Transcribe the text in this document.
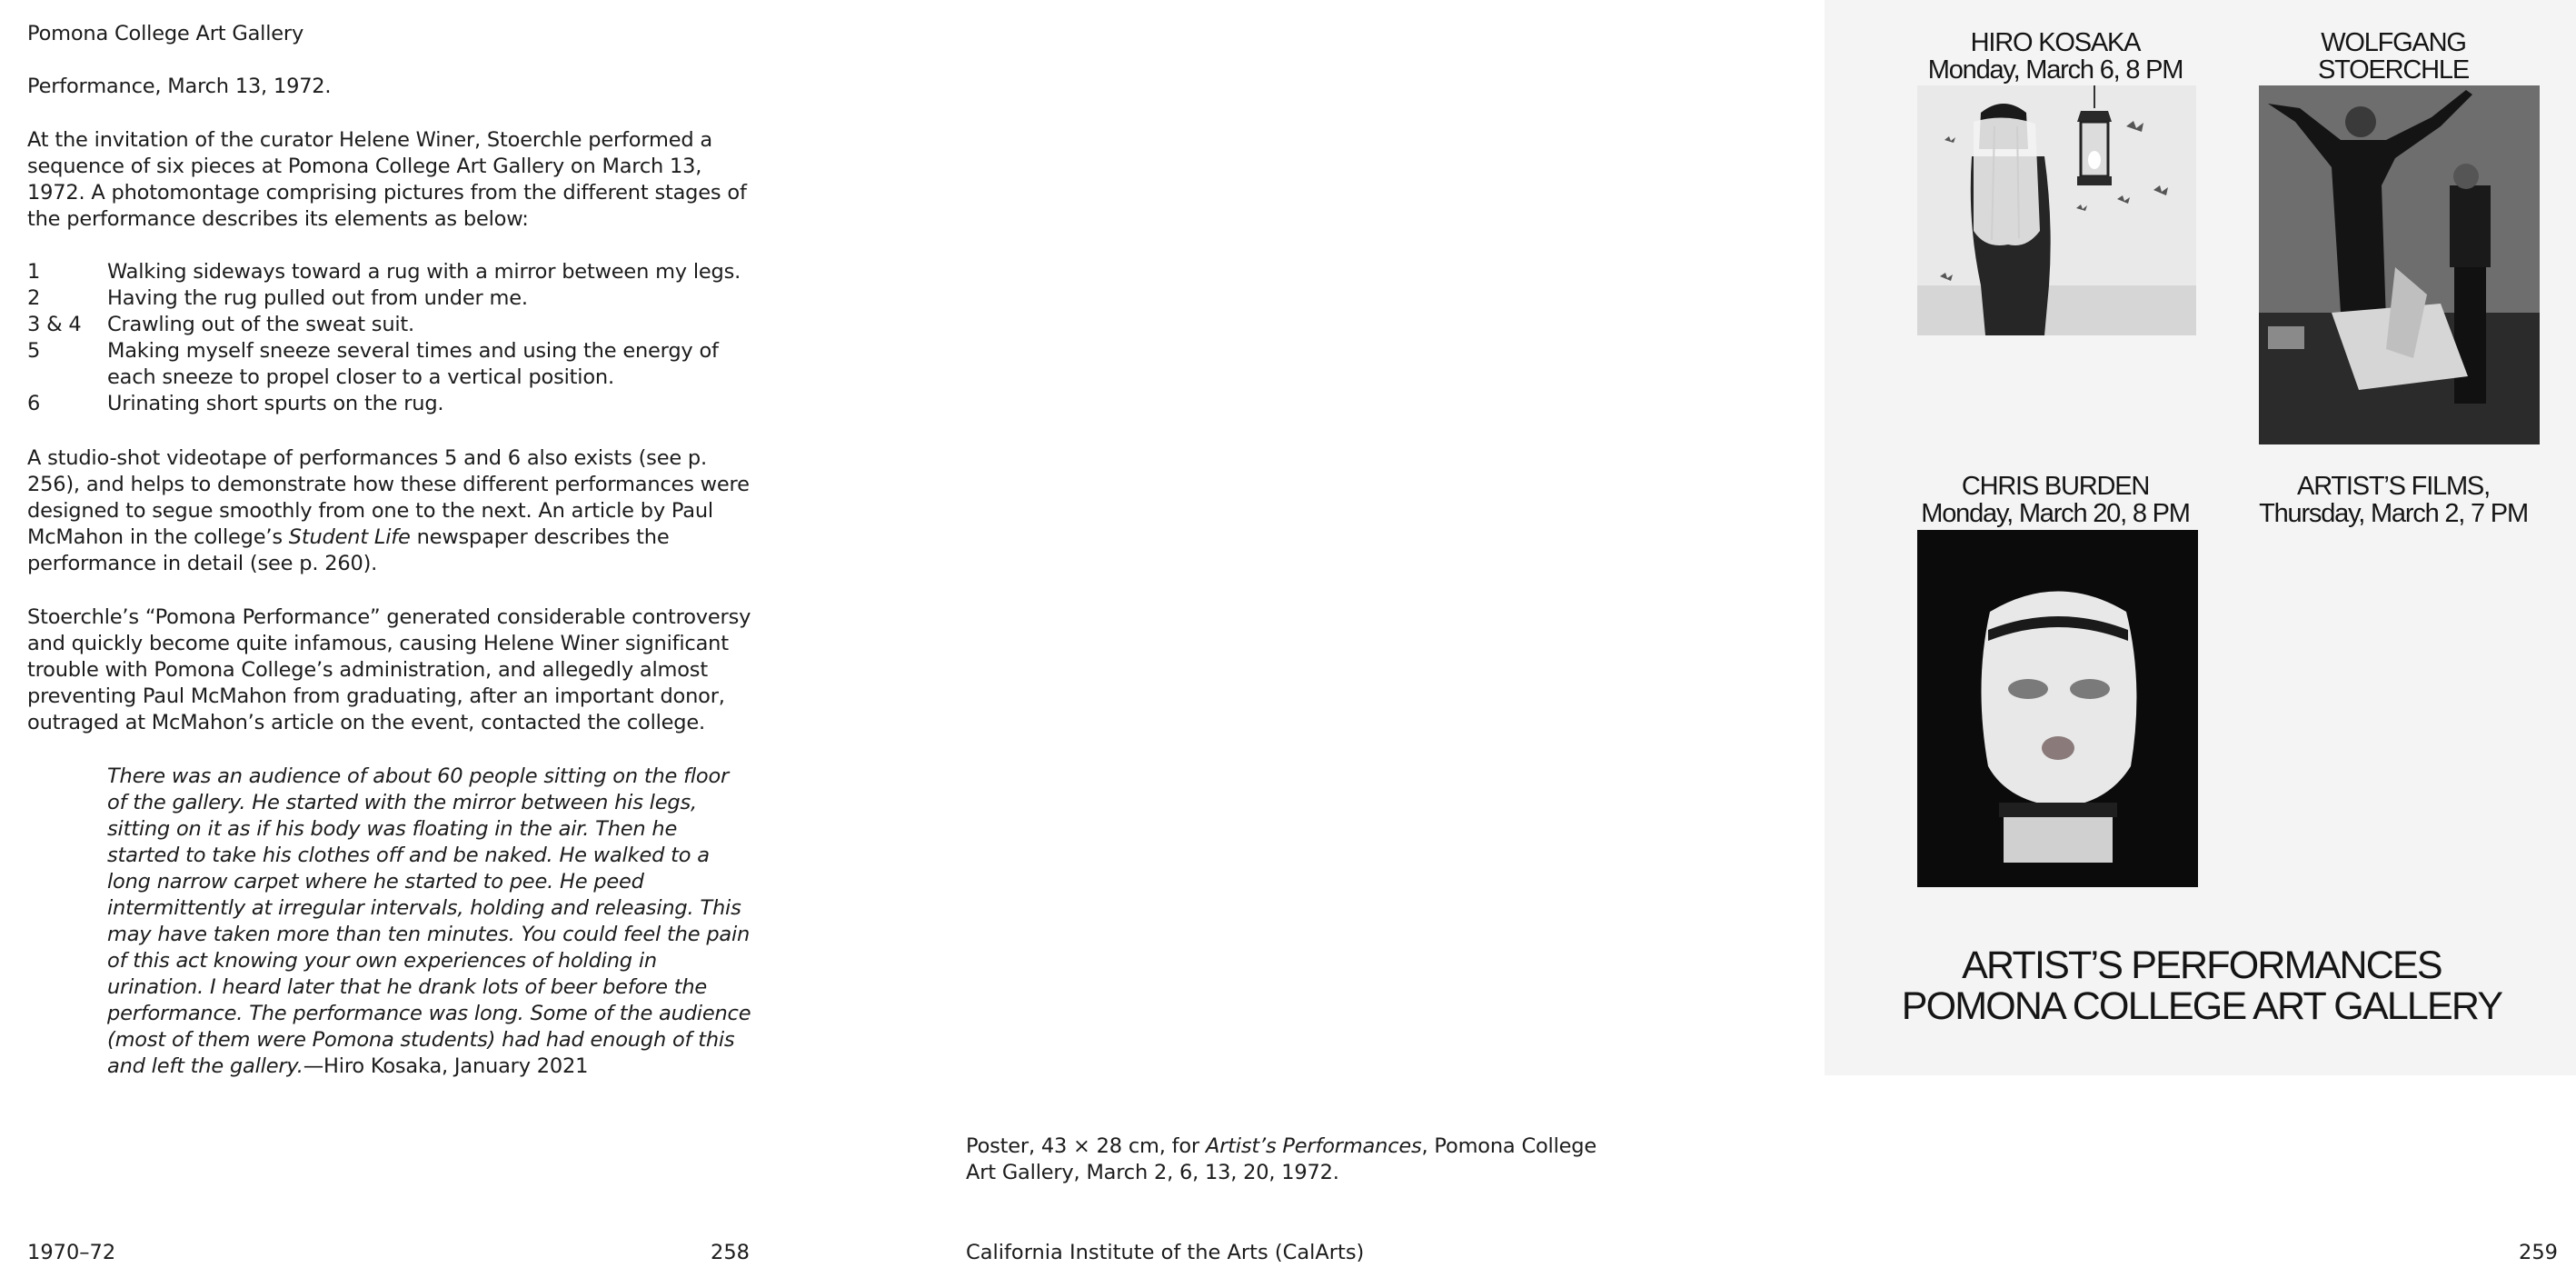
Pomona College Art Gallery
Performance, March 13, 1972.
At the invitation of the curator Helene Winer, Stoerchle performed a sequence of six pieces at Pomona College Art Gallery on March 13, 1972. A photomontage comprising pictures from the different stages of the performance describes its elements as below:
1	Walking sideways toward a rug with a mirror between my legs.
2	Having the rug pulled out from under me.
3 & 4	Crawling out of the sweat suit.
5	Making myself sneeze several times and using the energy of each sneeze to propel closer to a vertical position.
6	Urinating short spurts on the rug.
A studio-shot videotape of performances 5 and 6 also exists (see p. 256), and helps to demonstrate how these different performances were designed to segue smoothly from one to the next. An article by Paul McMahon in the college’s Student Life newspaper describes the performance in detail (see p. 260).
Stoerchle’s “Pomona Performance” generated considerable controversy and quickly become quite infamous, causing Helene Winer significant trouble with Pomona College’s administration, and allegedly almost preventing Paul McMahon from graduating, after an important donor, outraged at McMahon’s article on the event, contacted the college.
There was an audience of about 60 people sitting on the floor of the gallery. He started with the mirror between his legs, sitting on it as if his body was floating in the air. Then he started to take his clothes off and be naked. He walked to a long narrow carpet where he started to pee. He peed intermittently at irregular intervals, holding and releasing. This may have taken more than ten minutes. You could feel the pain of this act knowing your own experiences of holding in urination. I heard later that he drank lots of beer before the performance. The performance was long. Some of the audience (most of them were Pomona students) had had enough of this and left the gallery.—Hiro Kosaka, January 2021
1970–72	258
HIRO KOSAKA
Monday, March 6, 8 PM
WOLFGANG STOERCHLE
CHRIS BURDEN
Monday, March 20, 8 PM
ARTIST’S FILMS,
Thursday, March 2, 7 PM
ARTIST’S PERFORMANCES
POMONA COLLEGE ART GALLERY
Poster, 43 × 28 cm, for Artist’s Performances, Pomona College Art Gallery, March 2, 6, 13, 20, 1972.
California Institute of the Arts (CalArts)	259
